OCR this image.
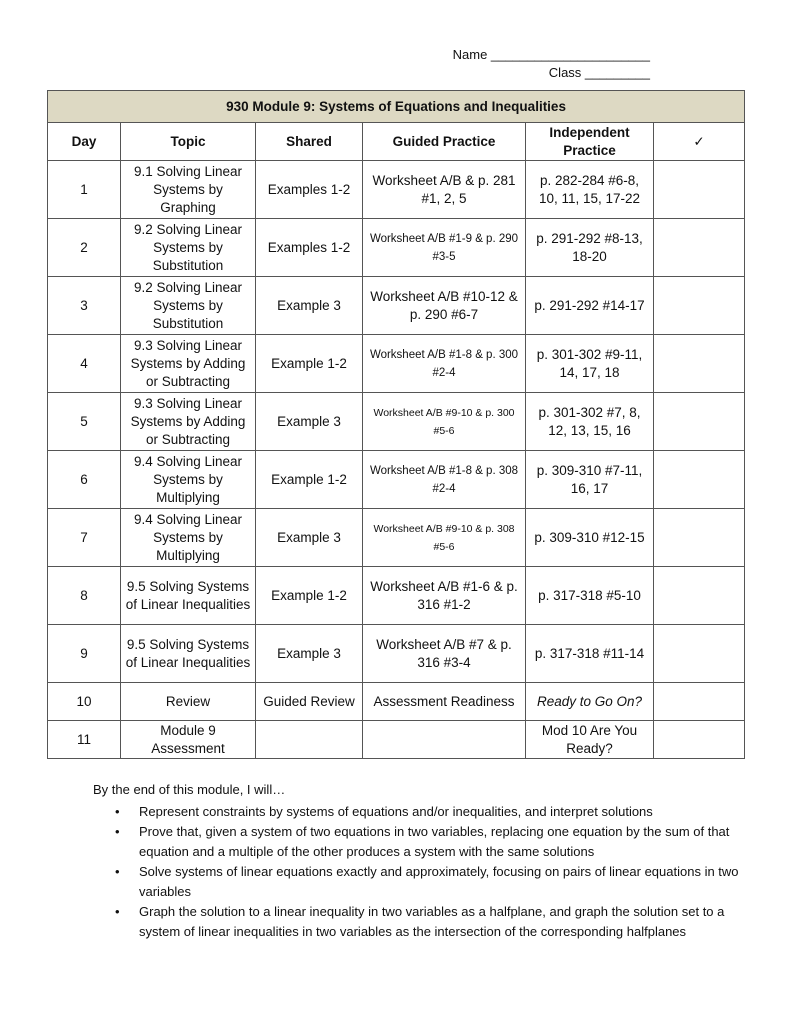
Name ______________________
Class _________
930 Module 9: Systems of Equations and Inequalities					
Day	Topic	Shared	Guided Practice	Independent Practice	✓
1	9.1 Solving Linear Systems by Graphing	Examples 1-2	Worksheet A/B & p. 281 #1, 2, 5	p. 282-284 #6-8, 10, 11, 15, 17-22	
2	9.2 Solving Linear Systems by Substitution	Examples 1-2	Worksheet A/B #1-9 & p. 290 #3-5	p. 291-292 #8-13, 18-20	
3	9.2 Solving Linear Systems by Substitution	Example 3	Worksheet A/B #10-12 & p. 290 #6-7	p. 291-292 #14-17	
4	9.3 Solving Linear Systems by Adding or Subtracting	Example 1-2	Worksheet A/B #1-8 & p. 300 #2-4	p. 301-302 #9-11, 14, 17, 18	
5	9.3 Solving Linear Systems by Adding or Subtracting	Example 3	Worksheet A/B #9-10 & p. 300 #5-6	p. 301-302 #7, 8, 12, 13, 15, 16	
6	9.4 Solving Linear Systems by Multiplying	Example 1-2	Worksheet A/B #1-8 & p. 308 #2-4	p. 309-310 #7-11, 16, 17	
7	9.4 Solving Linear Systems by Multiplying	Example 3	Worksheet A/B #9-10 & p. 308 #5-6	p. 309-310 #12-15	
8	9.5 Solving Systems of Linear Inequalities	Example 1-2	Worksheet A/B #1-6 & p. 316 #1-2	p. 317-318 #5-10	
9	9.5 Solving Systems of Linear Inequalities	Example 3	Worksheet A/B #7 & p. 316 #3-4	p. 317-318 #11-14	
10	Review	Guided Review	Assessment Readiness	Ready to Go On?	
11	Module 9 Assessment			Mod 10 Are You Ready?	

By the end of this module, I will…

• Represent constraints by systems of equations and/or inequalities, and interpret solutions
• Prove that, given a system of two equations in two variables, replacing one equation by the sum of that equation and a multiple of the other produces a system with the same solutions
• Solve systems of linear equations exactly and approximately, focusing on pairs of linear equations in two variables
• Graph the solution to a linear inequality in two variables as a halfplane, and graph the solution set to a system of linear inequalities in two variables as the intersection of the corresponding halfplanes
